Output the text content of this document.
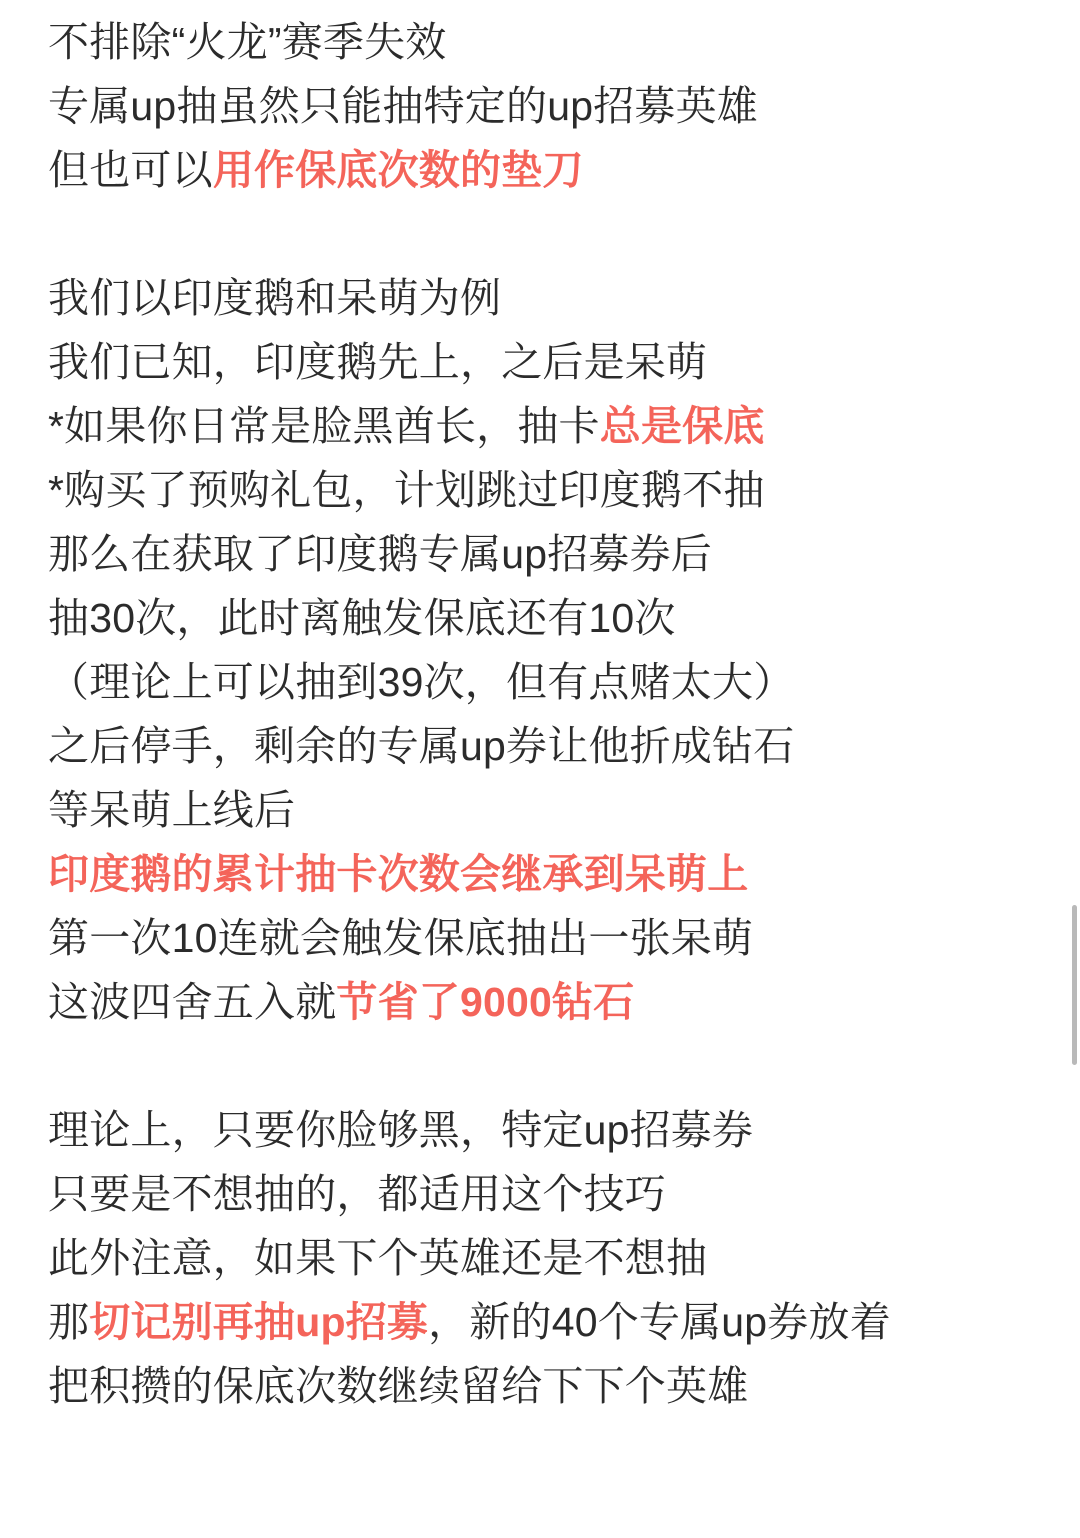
不排除“火龙”赛季失效
专属up抽虽然只能抽特定的up招募英雄
但也可以用作保底次数的垫刀

我们以印度鹅和呆萌为例
我们已知，印度鹅先上，之后是呆萌
*如果你日常是脸黑酋长，抽卡总是保底
*购买了预购礼包，计划跳过印度鹅不抽
那么在获取了印度鹅专属up招募券后
抽30次，此时离触发保底还有10次
（理论上可以抽到39次，但有点赌太大）
之后停手，剩余的专属up券让他折成钻石
等呆萌上线后
印度鹅的累计抽卡次数会继承到呆萌上
第一次10连就会触发保底抽出一张呆萌
这波四舍五入就节省了9000钻石

理论上，只要你脸够黑，特定up招募券
只要是不想抽的，都适用这个技巧
此外注意，如果下个英雄还是不想抽
那切记别再抽up招募，新的40个专属up券放着
把积攒的保底次数继续留给下下个英雄
